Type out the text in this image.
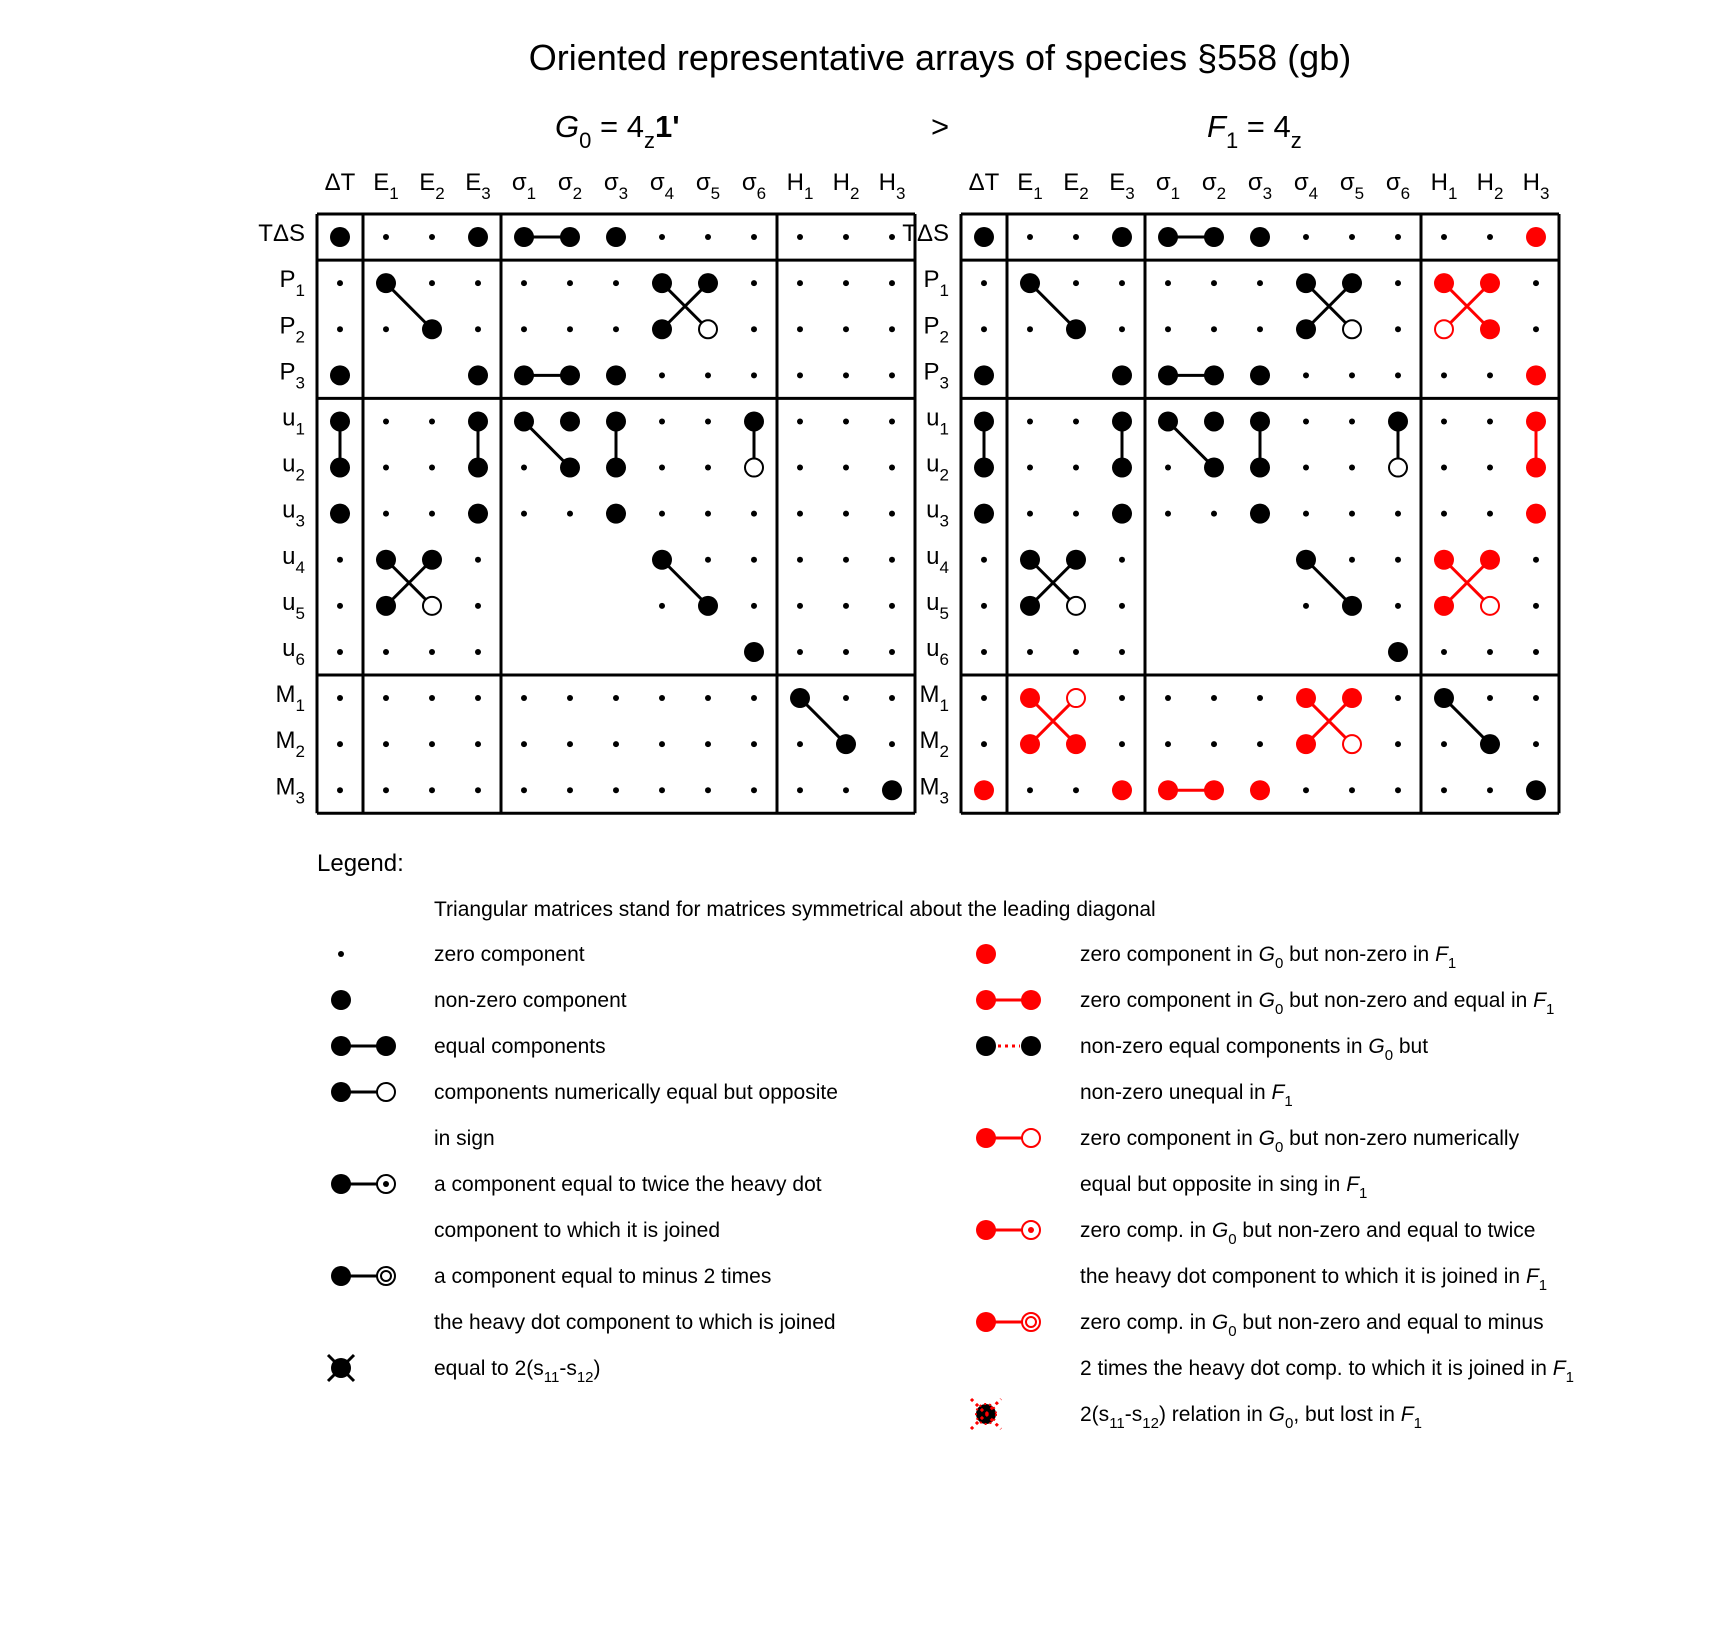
Oriented representative arrays of species §558 (gb)
$G_0 = 4_z1'$	>	$F_1 = 4_z$
ΔT $E_1$ $E_2$ $E_3$ $\sigma_1$ $\sigma_2$ $\sigma_3$ $\sigma_4$ $\sigma_5$ $\sigma_6$ $H_1$ $H_2$ $H_3$
TΔS
$P_1$
$P_2$
$P_3$
$u_1$
$u_2$
$u_3$
$u_4$
$u_5$
$u_6$
$M_1$
$M_2$
$M_3$
ΔT $E_1$ $E_2$ $E_3$ $\sigma_1$ $\sigma_2$ $\sigma_3$ $\sigma_4$ $\sigma_5$ $\sigma_6$ $H_1$ $H_2$ $H_3$
TΔS
$P_1$
$P_2$
$P_3$
$u_1$
$u_2$
$u_3$
$u_4$
$u_5$
$u_6$
$M_1$
$M_2$
$M_3$
Legend:
Triangular matrices stand for matrices symmetrical about the leading diagonal
zero component
non-zero component
equal components
components numerically equal but opposite
in sign
a component equal to twice the heavy dot
component to which it is joined
a component equal to minus 2 times
the heavy dot component to which is joined
equal to $2(s_{11}-s_{12})$
zero component in $G_0$ but non-zero in $F_1$
zero component in $G_0$ but non-zero and equal in $F_1$
non-zero equal components in $G_0$ but
non-zero unequal in $F_1$
zero component in $G_0$ but non-zero numerically
equal but opposite in sing in $F_1$
zero comp. in $G_0$ but non-zero and equal to twice
the heavy dot component to which it is joined in $F_1$
zero comp. in $G_0$ but non-zero and equal to minus
2 times the heavy dot comp. to which it is joined in $F_1$
$2(s_{11}-s_{12})$ relation in $G_0$, but lost in $F_1$
